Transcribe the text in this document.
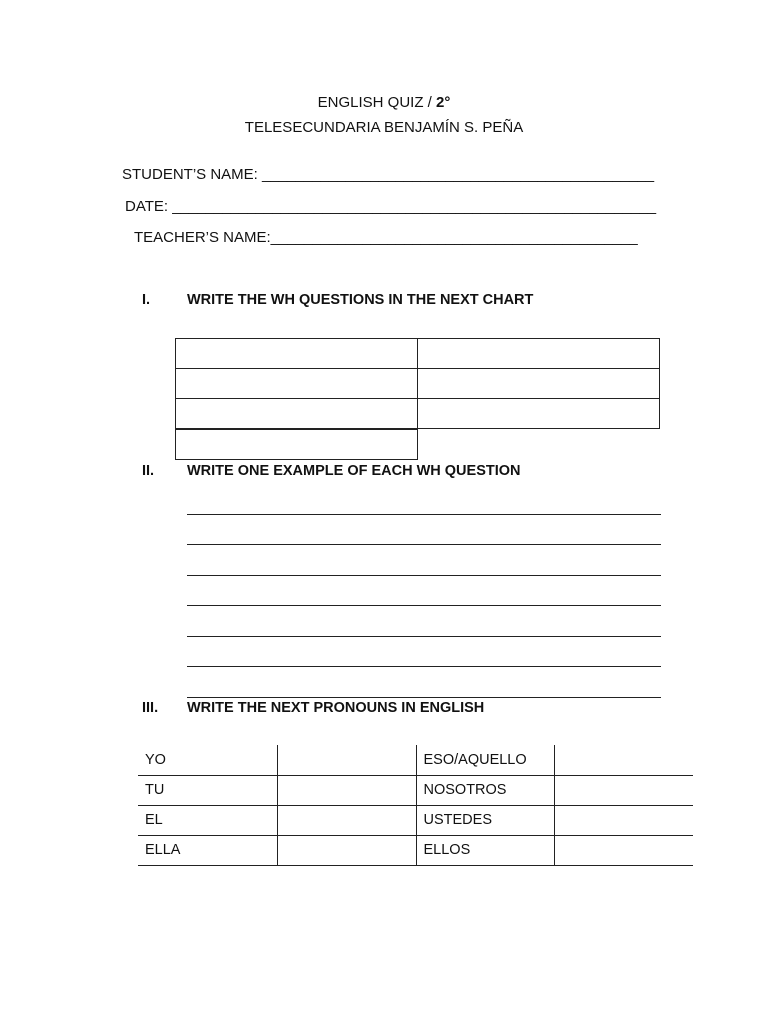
ENGLISH QUIZ / 2°
TELESECUNDARIA BENJAMÍN S. PEÑA
STUDENT’S NAME: _______________________________________________
DATE: __________________________________________________________
TEACHER’S NAME:____________________________________________
I.	WRITE THE WH QUESTIONS IN THE NEXT CHART
II. WRITE ONE EXAMPLE OF EACH WH QUESTION
III. WRITE THE NEXT PRONOUNS IN ENGLISH
YO		ESO/AQUELLO	
TU		NOSOTROS	
EL		USTEDES	
ELLA		ELLOS	
